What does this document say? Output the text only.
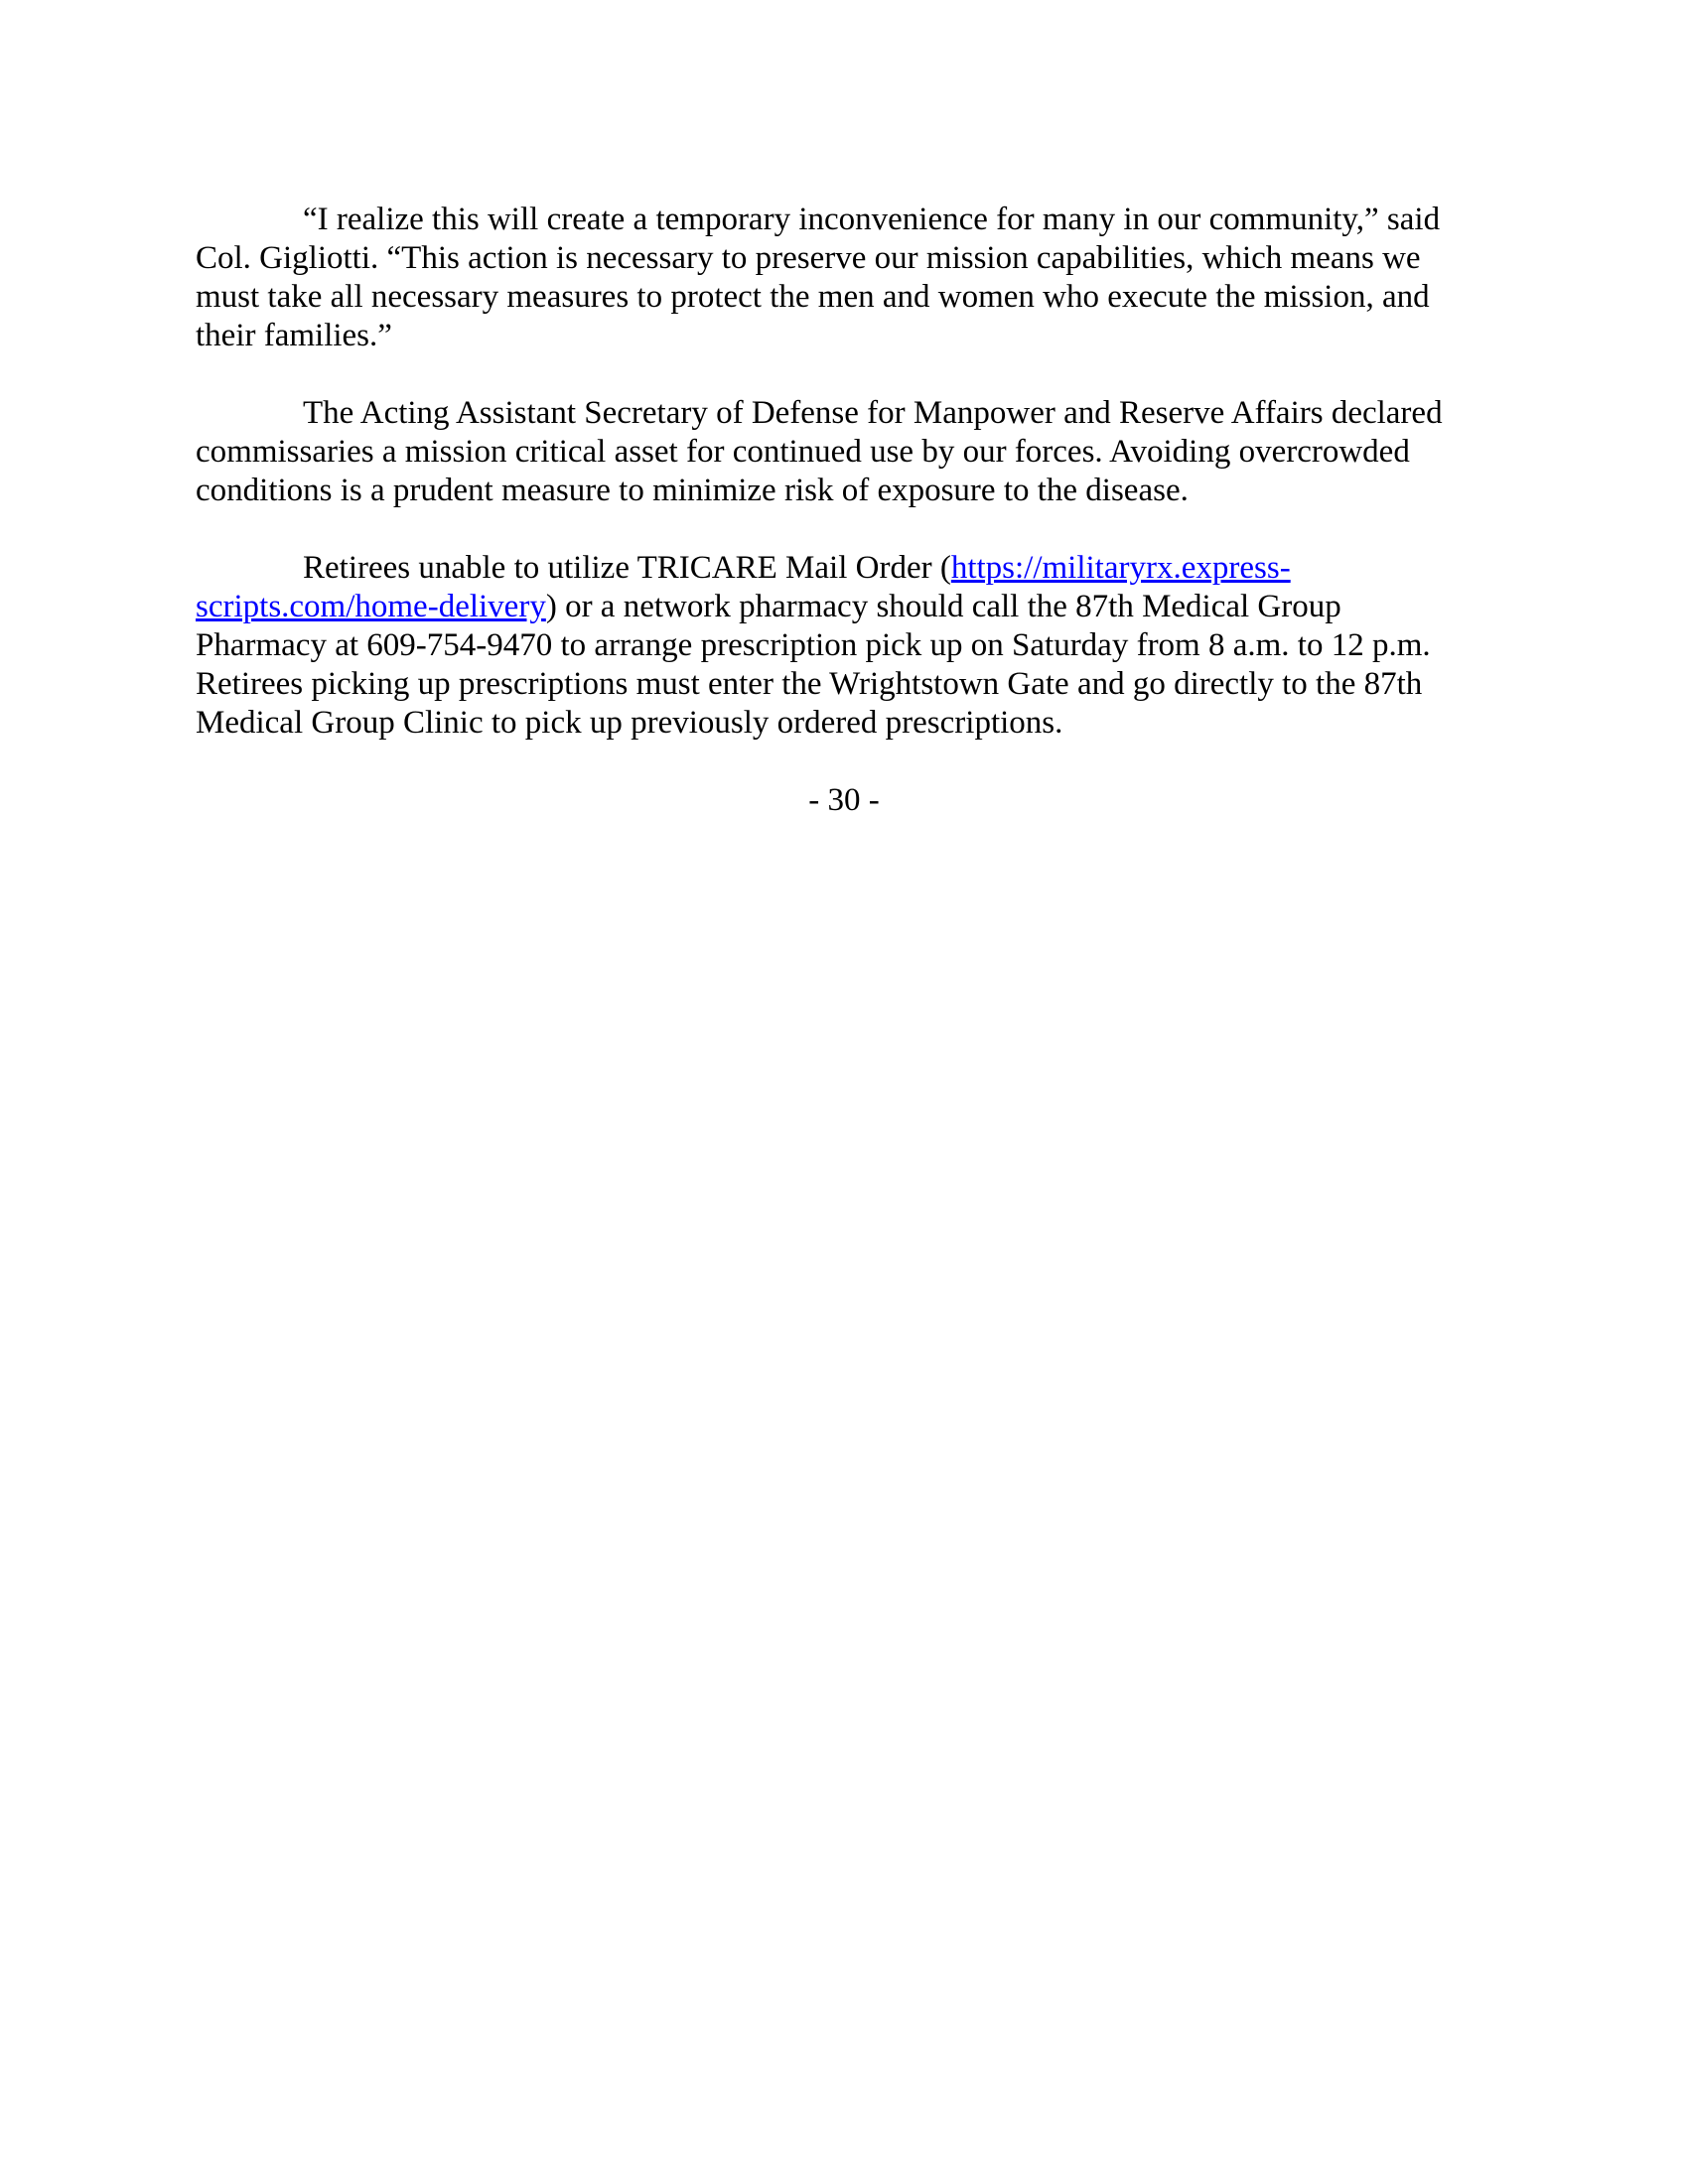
“I realize this will create a temporary inconvenience for many in our community,” said
Col. Gigliotti. “This action is necessary to preserve our mission capabilities, which means we
must take all necessary measures to protect the men and women who execute the mission, and
their families.”

The Acting Assistant Secretary of Defense for Manpower and Reserve Affairs declared
commissaries a mission critical asset for continued use by our forces. Avoiding overcrowded
conditions is a prudent measure to minimize risk of exposure to the disease.

Retirees unable to utilize TRICARE Mail Order (https://militaryrx.express-
scripts.com/home-delivery) or a network pharmacy should call the 87th Medical Group
Pharmacy at 609-754-9470 to arrange prescription pick up on Saturday from 8 a.m. to 12 p.m.
Retirees picking up prescriptions must enter the Wrightstown Gate and go directly to the 87th
Medical Group Clinic to pick up previously ordered prescriptions.

- 30 -
